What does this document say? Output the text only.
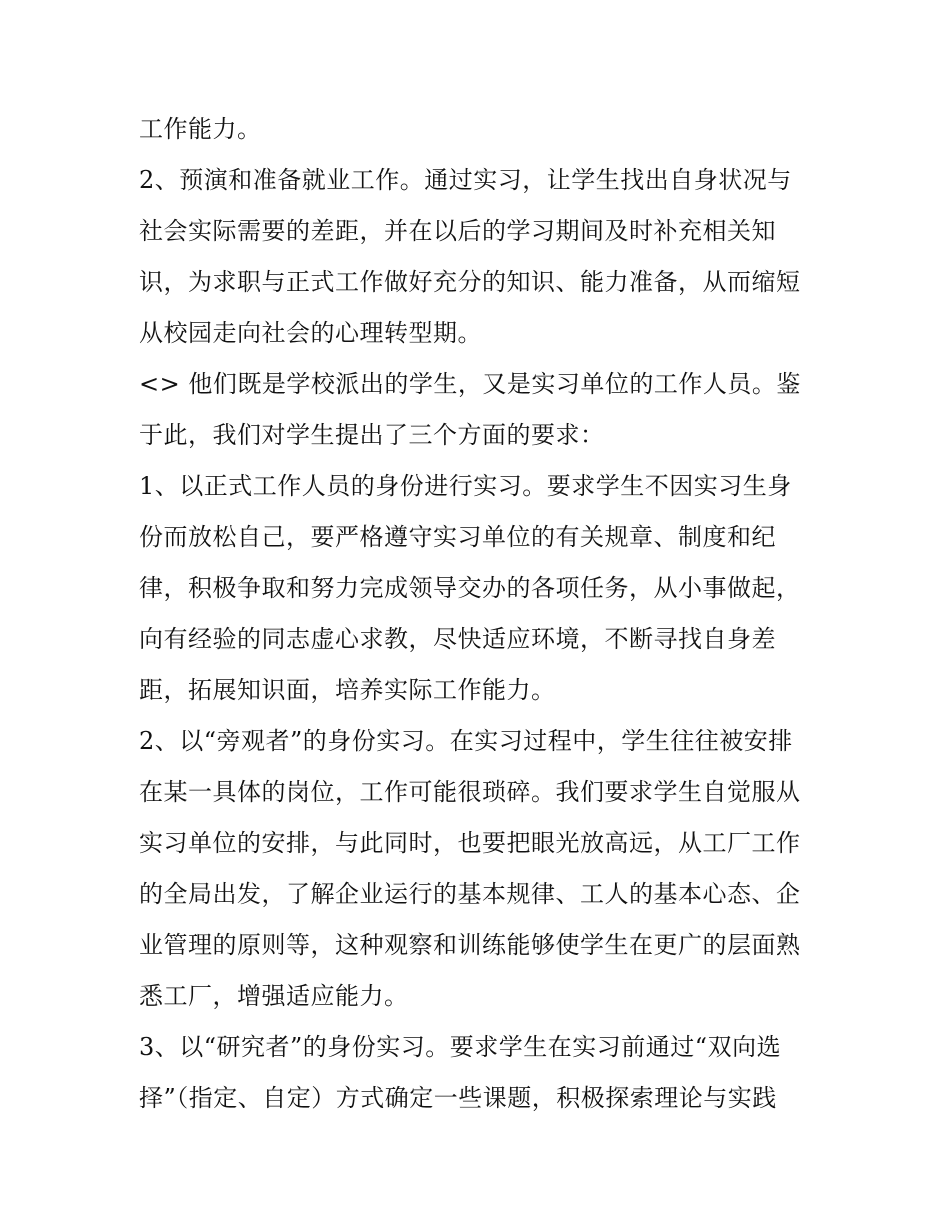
工作能力。
2、预演和准备就业工作。通过实习，让学生找出自身状况与
社会实际需要的差距，并在以后的学习期间及时补充相关知
识，为求职与正式工作做好充分的知识、能力准备，从而缩短
从校园走向社会的心理转型期。
<> 他们既是学校派出的学生，又是实习单位的工作人员。鉴
于此，我们对学生提出了三个方面的要求：
1、以正式工作人员的身份进行实习。要求学生不因实习生身
份而放松自己，要严格遵守实习单位的有关规章、制度和纪
律，积极争取和努力完成领导交办的各项任务，从小事做起，
向有经验的同志虚心求教，尽快适应环境，不断寻找自身差
距，拓展知识面，培养实际工作能力。
2、以“旁观者”的身份实习。在实习过程中，学生往往被安排
在某一具体的岗位，工作可能很琐碎。我们要求学生自觉服从
实习单位的安排，与此同时，也要把眼光放高远，从工厂工作
的全局出发，了解企业运行的基本规律、工人的基本心态、企
业管理的原则等，这种观察和训练能够使学生在更广的层面熟
悉工厂，增强适应能力。
3、以“研究者”的身份实习。要求学生在实习前通过“双向选
择”（指定、自定）方式确定一些课题，积极探索理论与实践
